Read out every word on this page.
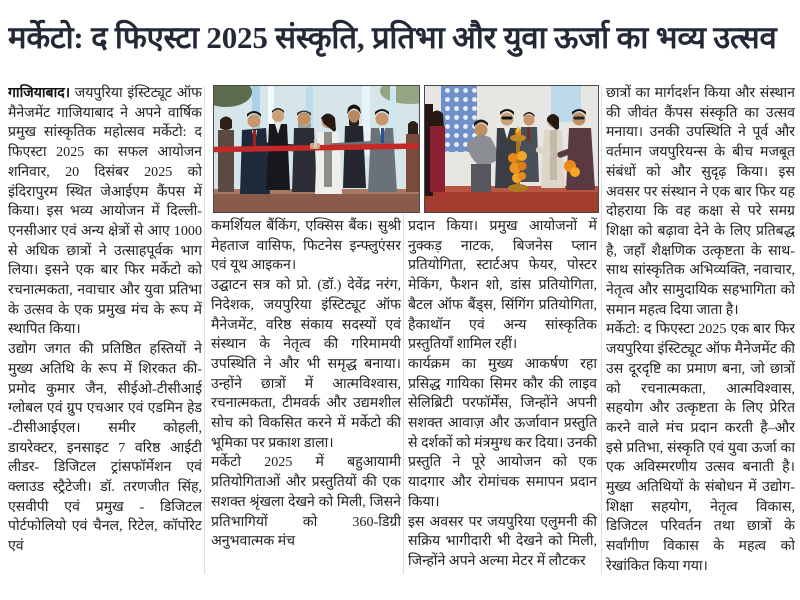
मर्केटो: द फिएस्टा 2025 संस्कृति, प्रतिभा और युवा ऊर्जा का भव्य उत्सव

गाजियाबाद। जयपुरिया इंस्टिट्यूट ऑफ मैनेजमेंट गाजियाबाद ने अपने वार्षिक प्रमुख सांस्कृतिक महोत्सव मर्केटो: द फिएस्टा 2025 का सफल आयोजन शनिवार, 20 दिसंबर 2025 को इंदिरापुरम स्थित जेआईएम कैंपस में किया। इस भव्य आयोजन में दिल्ली-एनसीआर एवं अन्य क्षेत्रों से आए 1000 से अधिक छात्रों ने उत्साहपूर्वक भाग लिया। इसने एक बार फिर मर्केटो को रचनात्मकता, नवाचार और युवा प्रतिभा के उत्सव के एक प्रमुख मंच के रूप में स्थापित किया।

उद्योग जगत की प्रतिष्ठित हस्तियों ने मुख्य अतिथि के रूप में शिरकत की- प्रमोद कुमार जैन, सीईओ-टीसीआई ग्लोबल एवं ग्रुप एचआर एवं एडमिन हेड -टीसीआईएल। समीर कोहली, डायरेक्टर, इनसाइट 7 वरिष्ठ आईटी लीडर- डिजिटल ट्रांसफॉर्मेशन एवं क्लाउड स्ट्रैटेजी। डॉ. तरणजीत सिंह, एसवीपी एवं प्रमुख - डिजिटल पोर्टफोलियो एवं चैनल, रिटेल, कॉर्पोरेट एवं

कमर्शियल बैंकिंग, एक्सिस बैंक। सुश्री मेहताज वासिफ, फिटनेस इन्फ्लुएंसर एवं यूथ आइकन।

उद्घाटन सत्र को प्रो. (डॉ.) देवेंद्र नरंग, निदेशक, जयपुरिया इंस्टिट्यूट ऑफ मैनेजमेंट, वरिष्ठ संकाय सदस्यों एवं संस्थान के नेतृत्व की गरिमामयी उपस्थिति ने और भी समृद्ध बनाया। उन्होंने छात्रों में आत्मविश्वास, रचनात्मकता, टीमवर्क और उद्यमशील सोच को विकसित करने में मर्केटो की भूमिका पर प्रकाश डाला।

मर्केटो 2025 में बहुआयामी प्रतियोगिताओं और प्रस्तुतियों की एक सशक्त श्रृंखला देखने को मिली, जिसने प्रतिभागियों को 360-डिग्री अनुभवात्मक मंच

प्रदान किया। प्रमुख आयोजनों में नुक्कड़ नाटक, बिजनेस प्लान प्रतियोगिता, स्टार्टअप फेयर, पोस्टर मेकिंग, फैशन शो, डांस प्रतियोगिता, बैटल ऑफ बैंड्स, सिंगिंग प्रतियोगिता, हैकाथॉन एवं अन्य सांस्कृतिक प्रस्तुतियाँ शामिल रहीं।

कार्यक्रम का मुख्य आकर्षण रहा प्रसिद्ध गायिका सिमर कौर की लाइव सेलिब्रिटी परफॉर्मेंस, जिन्होंने अपनी सशक्त आवाज़ और ऊर्जावान प्रस्तुति से दर्शकों को मंत्रमुग्ध कर दिया। उनकी प्रस्तुति ने पूरे आयोजन को एक यादगार और रोमांचक समापन प्रदान किया।

इस अवसर पर जयपुरिया एलुमनी की सक्रिय भागीदारी भी देखने को मिली, जिन्होंने अपने अल्मा मेटर में लौटकर

छात्रों का मार्गदर्शन किया और संस्थान की जीवंत कैंपस संस्कृति का उत्सव मनाया। उनकी उपस्थिति ने पूर्व और वर्तमान जयपुरियन्स के बीच मजबूत संबंधों को और सुदृढ़ किया। इस अवसर पर संस्थान ने एक बार फिर यह दोहराया कि वह कक्षा से परे समग्र शिक्षा को बढ़ावा देने के लिए प्रतिबद्ध है, जहाँ शैक्षणिक उत्कृष्टता के साथ-साथ सांस्कृतिक अभिव्यक्ति, नवाचार, नेतृत्व और सामुदायिक सहभागिता को समान महत्व दिया जाता है।

मर्केटो: द फिएस्टा 2025 एक बार फिर जयपुरिया इंस्टिट्यूट ऑफ मैनेजमेंट की उस दूरदृष्टि का प्रमाण बना, जो छात्रों को रचनात्मकता, आत्मविश्वास, सहयोग और उत्कृष्टता के लिए प्रेरित करने वाले मंच प्रदान करती है–और इसे प्रतिभा, संस्कृति एवं युवा ऊर्जा का एक अविस्मरणीय उत्सव बनाती है। मुख्य अतिथियों के संबोधन में उद्योग-शिक्षा सहयोग, नेतृत्व विकास, डिजिटल परिवर्तन तथा छात्रों के सर्वांगीण विकास के महत्व को रेखांकित किया गया।
